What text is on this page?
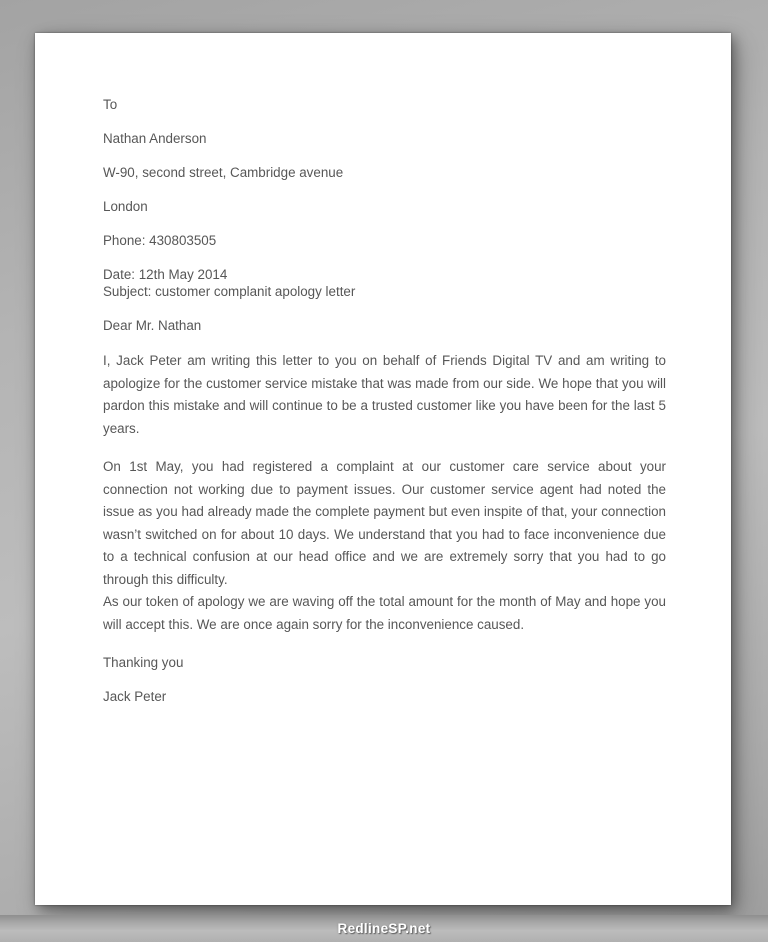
To
Nathan Anderson
W-90, second street, Cambridge avenue
London
Phone: 430803505
Date: 12th May 2014
Subject: customer complanit apology letter
Dear Mr. Nathan

I, Jack Peter am writing this letter to you on behalf of Friends Digital TV and am writing to apologize for the customer service mistake that was made from our side. We hope that you will pardon this mistake and will continue to be a trusted customer like you have been for the last 5 years.

On 1st May, you had registered a complaint at our customer care service about your connection not working due to payment issues. Our customer service agent had noted the issue as you had already made the complete payment but even inspite of that, your connection wasn’t switched on for about 10 days. We understand that you had to face inconvenience due to a technical confusion at our head office and we are extremely sorry that you had to go through this difficulty.

As our token of apology we are waving off the total amount for the month of May and hope you will accept this. We are once again sorry for the inconvenience caused.

Thanking you
Jack Peter
RedlineSP.net
